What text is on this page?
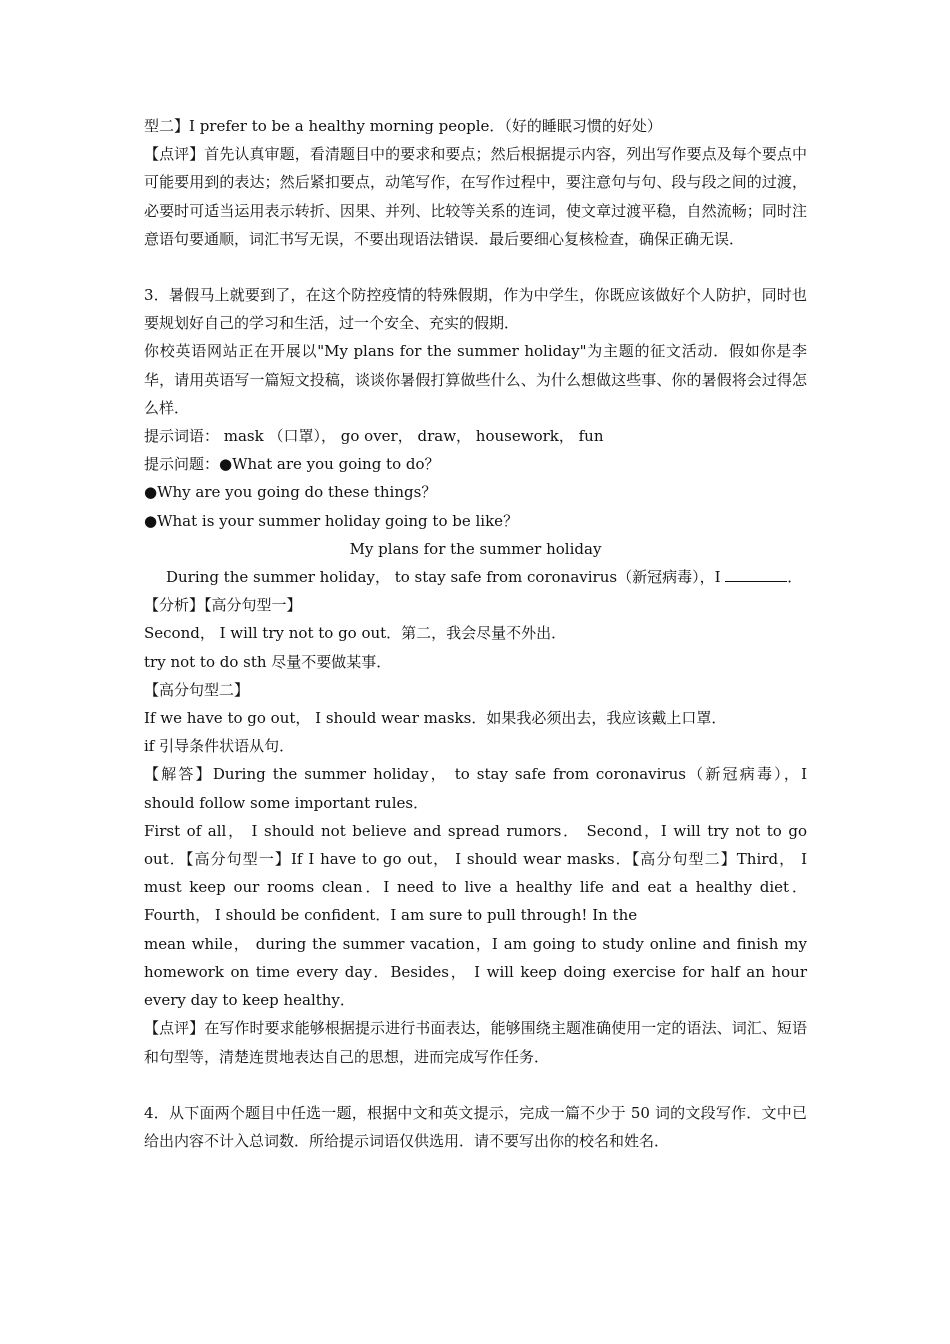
型二】I prefer to be a healthy morning people．（好的睡眠习惯的好处）

【点评】首先认真审题，看清题目中的要求和要点；然后根据提示内容，列出写作要点及每个要点中可能要用到的表达；然后紧扣要点，动笔写作，在写作过程中，要注意句与句、段与段之间的过渡，必要时可适当运用表示转折、因果、并列、比较等关系的连词，使文章过渡平稳，自然流畅；同时注意语句要通顺，词汇书写无误，不要出现语法错误．最后要细心复核检查，确保正确无误．

3．暑假马上就要到了，在这个防控疫情的特殊假期，作为中学生，你既应该做好个人防护，同时也要规划好自己的学习和生活，过一个安全、充实的假期．

你校英语网站正在开展以"My plans for the summer holiday"为主题的征文活动．假如你是李华，请用英语写一篇短文投稿，谈谈你暑假打算做些什么、为什么想做这些事、你的暑假将会过得怎么样．

提示词语： mask （口罩）， go over， draw， housework， fun

提示问题：●What are you going to do？

●Why are you going do these things？

●What is your summer holiday going to be like？

My plans for the summer holiday

During the summer holiday， to stay safe from coronavirus（新冠病毒），I	．

【分析】【高分句型一】

Second， I will try not to go out．第二，我会尽量不外出．

try not to do sth 尽量不要做某事．

【高分句型二】

If we have to go out， I should wear masks．如果我必须出去，我应该戴上口罩．

if 引导条件状语从句．

【解答】During the summer holiday， to stay safe from coronavirus（新冠病毒），I should follow some important rules．

First of all， I should not believe and spread rumors． Second，I will try not to go out．【高分句型一】If I have to go out， I should wear masks．【高分句型二】Third， I must keep our rooms clean．I need to live a healthy life and eat a healthy diet．Fourth， I should be confident．I am sure to pull through! In the

mean while， during the summer vacation，I am going to study online and finish my homework on time every day．Besides， I will keep doing exercise for half an hour every day to keep healthy．

【点评】在写作时要求能够根据提示进行书面表达，能够围绕主题准确使用一定的语法、词汇、短语和句型等，清楚连贯地表达自己的思想，进而完成写作任务．

4．从下面两个题目中任选一题，根据中文和英文提示，完成一篇不少于 50 词的文段写作．文中已给出内容不计入总词数．所给提示词语仅供选用．请不要写出你的校名和姓名．
